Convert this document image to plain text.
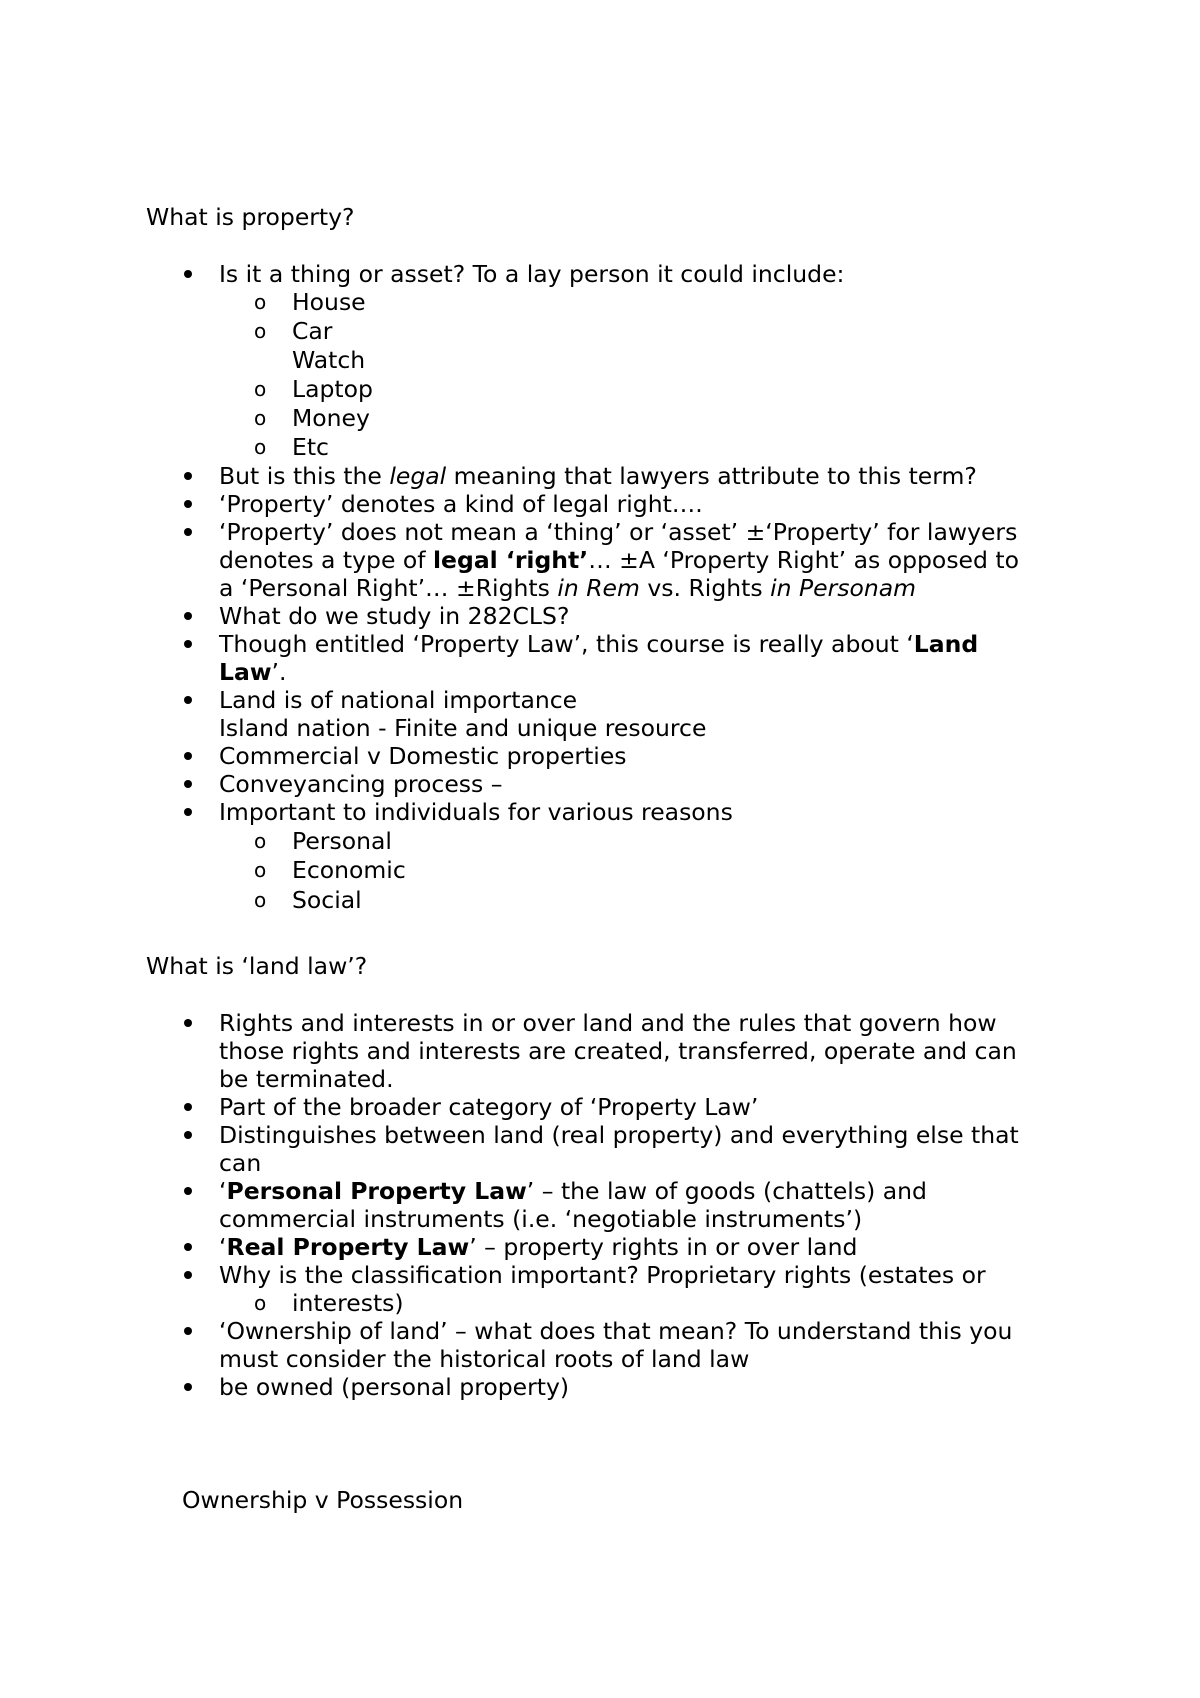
What is property?
Is it a thing or asset? To a lay person it could include:
o House
o Car
Watch
o Laptop
o Money
o Etc
But is this the legal meaning that lawyers attribute to this term?
‘Property’ denotes a kind of legal right….
‘Property’ does not mean a ‘thing’ or ‘asset’ ±‘Property’ for lawyers
denotes a type of legal ‘right’… ±A ‘Property Right’ as opposed to
a ‘Personal Right’… ±Rights in Rem vs. Rights in Personam
What do we study in 282CLS?
Though entitled ‘Property Law’, this course is really about ‘Land
Law’.
Land is of national importance
Island nation - Finite and unique resource
Commercial v Domestic properties
Conveyancing process –
Important to individuals for various reasons
o Personal
o Economic
o Social
What is ‘land law’?
Rights and interests in or over land and the rules that govern how
those rights and interests are created, transferred, operate and can
be terminated.
Part of the broader category of ‘Property Law’
Distinguishes between land (real property) and everything else that
can
‘Personal Property Law’ – the law of goods (chattels) and
commercial instruments (i.e. ‘negotiable instruments’)
‘Real Property Law’ – property rights in or over land
Why is the classification important? Proprietary rights (estates or
o interests)
‘Ownership of land’ – what does that mean? To understand this you
must consider the historical roots of land law
be owned (personal property)
Ownership v Possession
